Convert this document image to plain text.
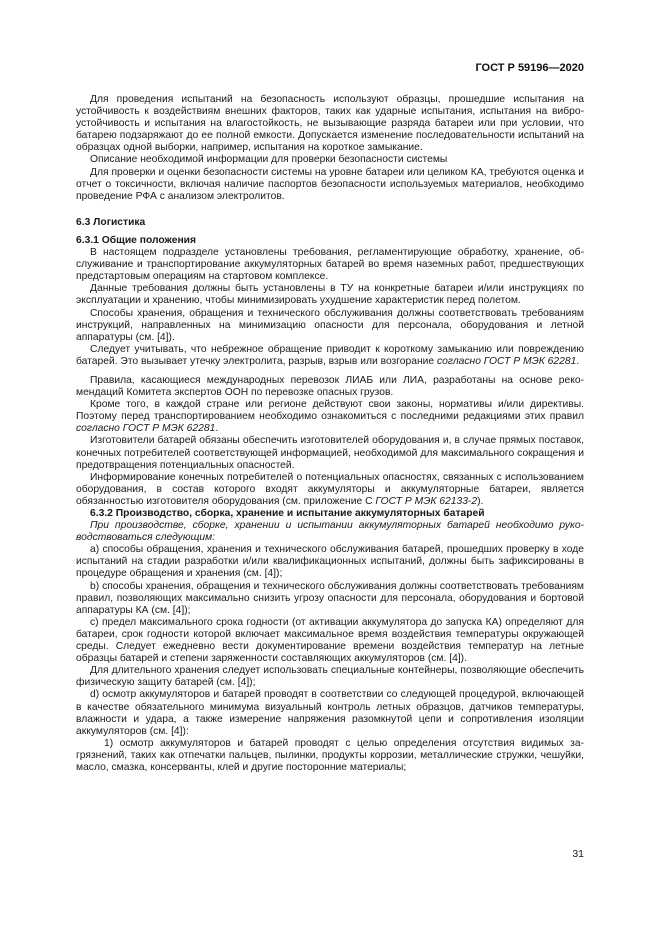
ГОСТ Р 59196—2020

Для проведения испытаний на безопасность используют образцы, прошедшие испытания на устойчивость к воздействиям внешних факторов, таких как ударные испытания, испытания на виброустойчивость и испытания на влагостойкость, не вызывающие разряда батареи или при условии, что батарею подзаряжают до ее полной емкости. Допускается изменение последовательности испытаний на образцах одной выборки, например, испытания на короткое замыкание.

Описание необходимой информации для проверки безопасности системы

Для проверки и оценки безопасности системы на уровне батареи или целиком КА, требуются оценка и отчет о токсичности, включая наличие паспортов безопасности используемых материалов, необходимо проведение РФА с анализом электролитов.

6.3 Логистика

6.3.1 Общие положения

В настоящем подразделе установлены требования, регламентирующие обработку, хранение, обслуживание и транспортирование аккумуляторных батарей во время наземных работ, предшествующих предстартовым операциям на стартовом комплексе.

Данные требования должны быть установлены в ТУ на конкретные батареи и/или инструкциях по эксплуатации и хранению, чтобы минимизировать ухудшение характеристик перед полетом.

Способы хранения, обращения и технического обслуживания должны соответствовать требованиям инструкций, направленных на минимизацию опасности для персонала, оборудования и летной аппаратуры (см. [4]).

Следует учитывать, что небрежное обращение приводит к короткому замыканию или повреждению батарей. Это вызывает утечку электролита, разрыв, взрыв или возгорание согласно ГОСТ Р МЭК 62281.

Правила, касающиеся международных перевозок ЛИАБ или ЛИА, разработаны на основе рекомендаций Комитета экспертов ООН по перевозке опасных грузов.

Кроме того, в каждой стране или регионе действуют свои законы, нормативы и/или директивы. Поэтому перед транспортированием необходимо ознакомиться с последними редакциями этих правил согласно ГОСТ Р МЭК 62281.

Изготовители батарей обязаны обеспечить изготовителей оборудования и, в случае прямых поставок, конечных потребителей соответствующей информацией, необходимой для максимального сокращения и предотвращения потенциальных опасностей.

Информирование конечных потребителей о потенциальных опасностях, связанных с использованием оборудования, в состав которого входят аккумуляторы и аккумуляторные батареи, является обязанностью изготовителя оборудования (см. приложение С ГОСТ Р МЭК 62133-2).

6.3.2 Производство, сборка, хранение и испытание аккумуляторных батарей

При производстве, сборке, хранении и испытании аккумуляторных батарей необходимо руководствоваться следующим:

а) способы обращения, хранения и технического обслуживания батарей, прошедших проверку в ходе испытаний на стадии разработки и/или квалификационных испытаний, должны быть зафиксированы в процедуре обращения и хранения (см. [4]);

b) способы хранения, обращения и технического обслуживания должны соответствовать требованиям правил, позволяющих максимально снизить угрозу опасности для персонала, оборудования и бортовой аппаратуры КА (см. [4]);

с) предел максимального срока годности (от активации аккумулятора до запуска КА) определяют для батареи, срок годности которой включает максимальное время воздействия температуры окружающей среды. Следует ежедневно вести документирование времени воздействия температур на летные образцы батарей и степени заряженности составляющих аккумуляторов (см. [4]).

Для длительного хранения следует использовать специальные контейнеры, позволяющие обеспечить физическую защиту батарей (см. [4]);

d) осмотр аккумуляторов и батарей проводят в соответствии со следующей процедурой, включающей в качестве обязательного минимума визуальный контроль летных образцов, датчиков температуры, влажности и удара, а также измерение напряжения разомкнутой цепи и сопротивления изоляции аккумуляторов (см. [4]):

1) осмотр аккумуляторов и батарей проводят с целью определения отсутствия видимых загрязнений, таких как отпечатки пальцев, пылинки, продукты коррозии, металлические стружки, чешуйки, масло, смазка, консерванты, клей и другие посторонние материалы;

31
